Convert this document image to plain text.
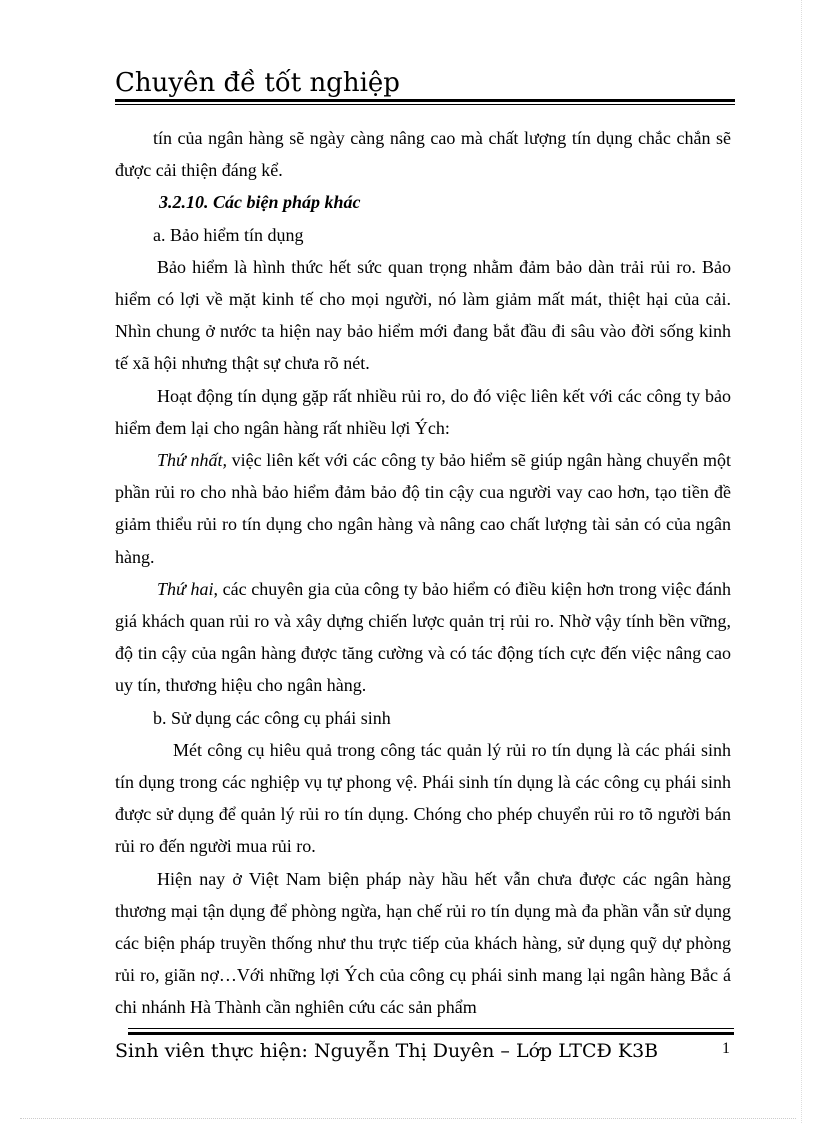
Chuyên đề tốt nghiệp

tín của ngân hàng sẽ ngày càng nâng cao mà chất lượng tín dụng chắc chắn sẽ được cải thiện đáng kể.

3.2.10. Các biện pháp khác

a. Bảo hiểm tín dụng

Bảo hiểm là hình thức hết sức quan trọng nhằm đảm bảo dàn trải rủi ro. Bảo hiểm có lợi về mặt kinh tế cho mọi người, nó làm giảm mất mát, thiệt hại của cải. Nhìn chung ở nước ta hiện nay bảo hiểm mới đang bắt đầu đi sâu vào đời sống kinh tế xã hội nhưng thật sự chưa rõ nét.

Hoạt động tín dụng gặp rất nhiều rủi ro, do đó việc liên kết với các công ty bảo hiểm đem lại cho ngân hàng rất nhiều lợi Ých:

Thứ nhất, việc liên kết với các công ty bảo hiểm sẽ giúp ngân hàng chuyển một phần rủi ro cho nhà bảo hiểm đảm bảo độ tin cậy cua người vay cao hơn, tạo tiền đề giảm thiểu rủi ro tín dụng cho ngân hàng và nâng cao chất lượng tài sản có của ngân hàng.

Thứ hai, các chuyên gia của công ty bảo hiểm có điều kiện hơn trong việc đánh giá khách quan rủi ro và xây dựng chiến lược quản trị rủi ro. Nhờ vậy tính bền vững, độ tin cậy của ngân hàng được tăng cường và có tác động tích cực đến việc nâng cao uy tín, thương hiệu cho ngân hàng.

b. Sử dụng các công cụ phái sinh

Mét công cụ hiêu quả trong công tác quản lý rủi ro tín dụng là các phái sinh tín dụng trong các nghiệp vụ tự phong vệ. Phái sinh tín dụng là các công cụ phái sinh được sử dụng để quản lý rủi ro tín dụng. Chóng cho phép chuyển rủi ro tõ người bán rủi ro đến người mua rủi ro.

Hiện nay ở Việt Nam biện pháp này hầu hết vẫn chưa được các ngân hàng thương mại tận dụng để phòng ngừa, hạn chế rủi ro tín dụng mà đa phần vẫn sử dụng các biện pháp truyền thống như thu trực tiếp của khách hàng, sử dụng quỹ dự phòng rủi ro, giãn nợ…Với những lợi Ých của công cụ phái sinh mang lại ngân hàng Bắc á chi nhánh Hà Thành cần nghiên cứu các sản phẩm

Sinh viên thực hiện: Nguyễn Thị Duyên – Lớp LTCĐ K3B	1
